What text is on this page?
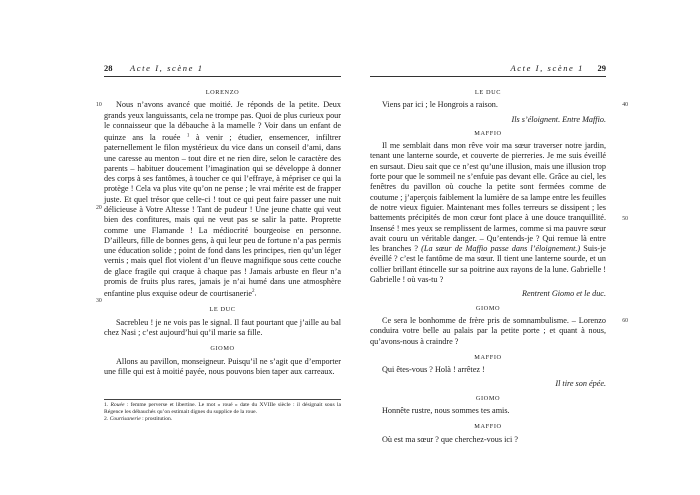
28 Acte I, scène 1
LORENZO

10
20
30
Nous n’avons avancé que moitié. Je réponds de la petite. Deux grands yeux languissants, cela ne trompe pas. Quoi de plus curieux pour le connaisseur que la débauche à la mamelle ? Voir dans un enfant de quinze ans la rouée $^1$ à venir ; étudier, ensemencer, infiltrer paternellement le filon mystérieux du vice dans un conseil d’ami, dans une caresse au menton – tout dire et ne rien dire, selon le caractère des parents – habituer doucement l’imagination qui se développe à donner des corps à ses fantômes, à toucher ce qui l’effraye, à mépriser ce qui la protège ! Cela va plus vite qu’on ne pense ; le vrai mérite est de frapper juste. Et quel trésor que celle-ci ! tout ce qui peut faire passer une nuit délicieuse à Votre Altesse ! Tant de pudeur ! Une jeune chatte qui veut bien des confitures, mais qui ne veut pas se salir la patte. Proprette comme une Flamande ! La médiocrité bourgeoise en personne. D’ailleurs, fille de bonnes gens, à qui leur peu de fortune n’a pas permis une éducation solide ; point de fond dans les principes, rien qu’un léger vernis ; mais quel flot violent d’un fleuve magnifique sous cette couche de glace fragile qui craque à chaque pas ! Jamais arbuste en fleur n’a promis de fruits plus rares, jamais je n’ai humé dans une atmosphère enfantine plus exquise odeur de courtisanerie$^2$.

LE DUC

Sacrebleu ! je ne vois pas le signal. Il faut pourtant que j’aille au bal chez Nasi ; c’est aujourd’hui qu’il marie sa fille.

GIOMO

Allons au pavillon, monseigneur. Puisqu’il ne s’agit que d’emporter une fille qui est à moitié payée, nous pouvons bien taper aux carreaux.

1. Rouée : femme perverse et libertine. Le mot « roué » date du XVIIIe siècle : il désignait sous la Régence les débauchés qu’on estimait dignes du supplice de la roue.
2. Courtisanerie : prostitution.
Acte I, scène 1 29
LE DUC

40
Viens par ici ; le Hongrois a raison.

Ils s’éloignent. Entre Maffio.

MAFFIO

50
Il me semblait dans mon rêve voir ma sœur traverser notre jardin, tenant une lanterne sourde, et couverte de pierreries. Je me suis éveillé en sursaut. Dieu sait que ce n’est qu’une illusion, mais une illusion trop forte pour que le sommeil ne s’enfuie pas devant elle. Grâce au ciel, les fenêtres du pavillon où couche la petite sont fermées comme de coutume ; j’aperçois faiblement la lumière de sa lampe entre les feuilles de notre vieux figuier. Maintenant mes folles terreurs se dissipent ; les battements précipités de mon cœur font place à une douce tranquillité. Insensé ! mes yeux se remplissent de larmes, comme si ma pauvre sœur avait couru un véritable danger. – Qu’entends-je ? Qui remue là entre les branches ? (La sœur de Maffio passe dans l’éloignement.) Suis-je éveillé ? c’est le fantôme de ma sœur. Il tient une lanterne sourde, et un collier brillant étincelle sur sa poitrine aux rayons de la lune. Gabrielle ! Gabrielle ! où vas-tu ?

Rentrent Giomo et le duc.

GIOMO

60
Ce sera le bonhomme de frère pris de somnambulisme. – Lorenzo conduira votre belle au palais par la petite porte ; et quant à nous, qu’avons-nous à craindre ?

MAFFIO

Qui êtes-vous ? Holà ! arrêtez !

Il tire son épée.

GIOMO

Honnête rustre, nous sommes tes amis.

MAFFIO

Où est ma sœur ? que cherchez-vous ici ?
